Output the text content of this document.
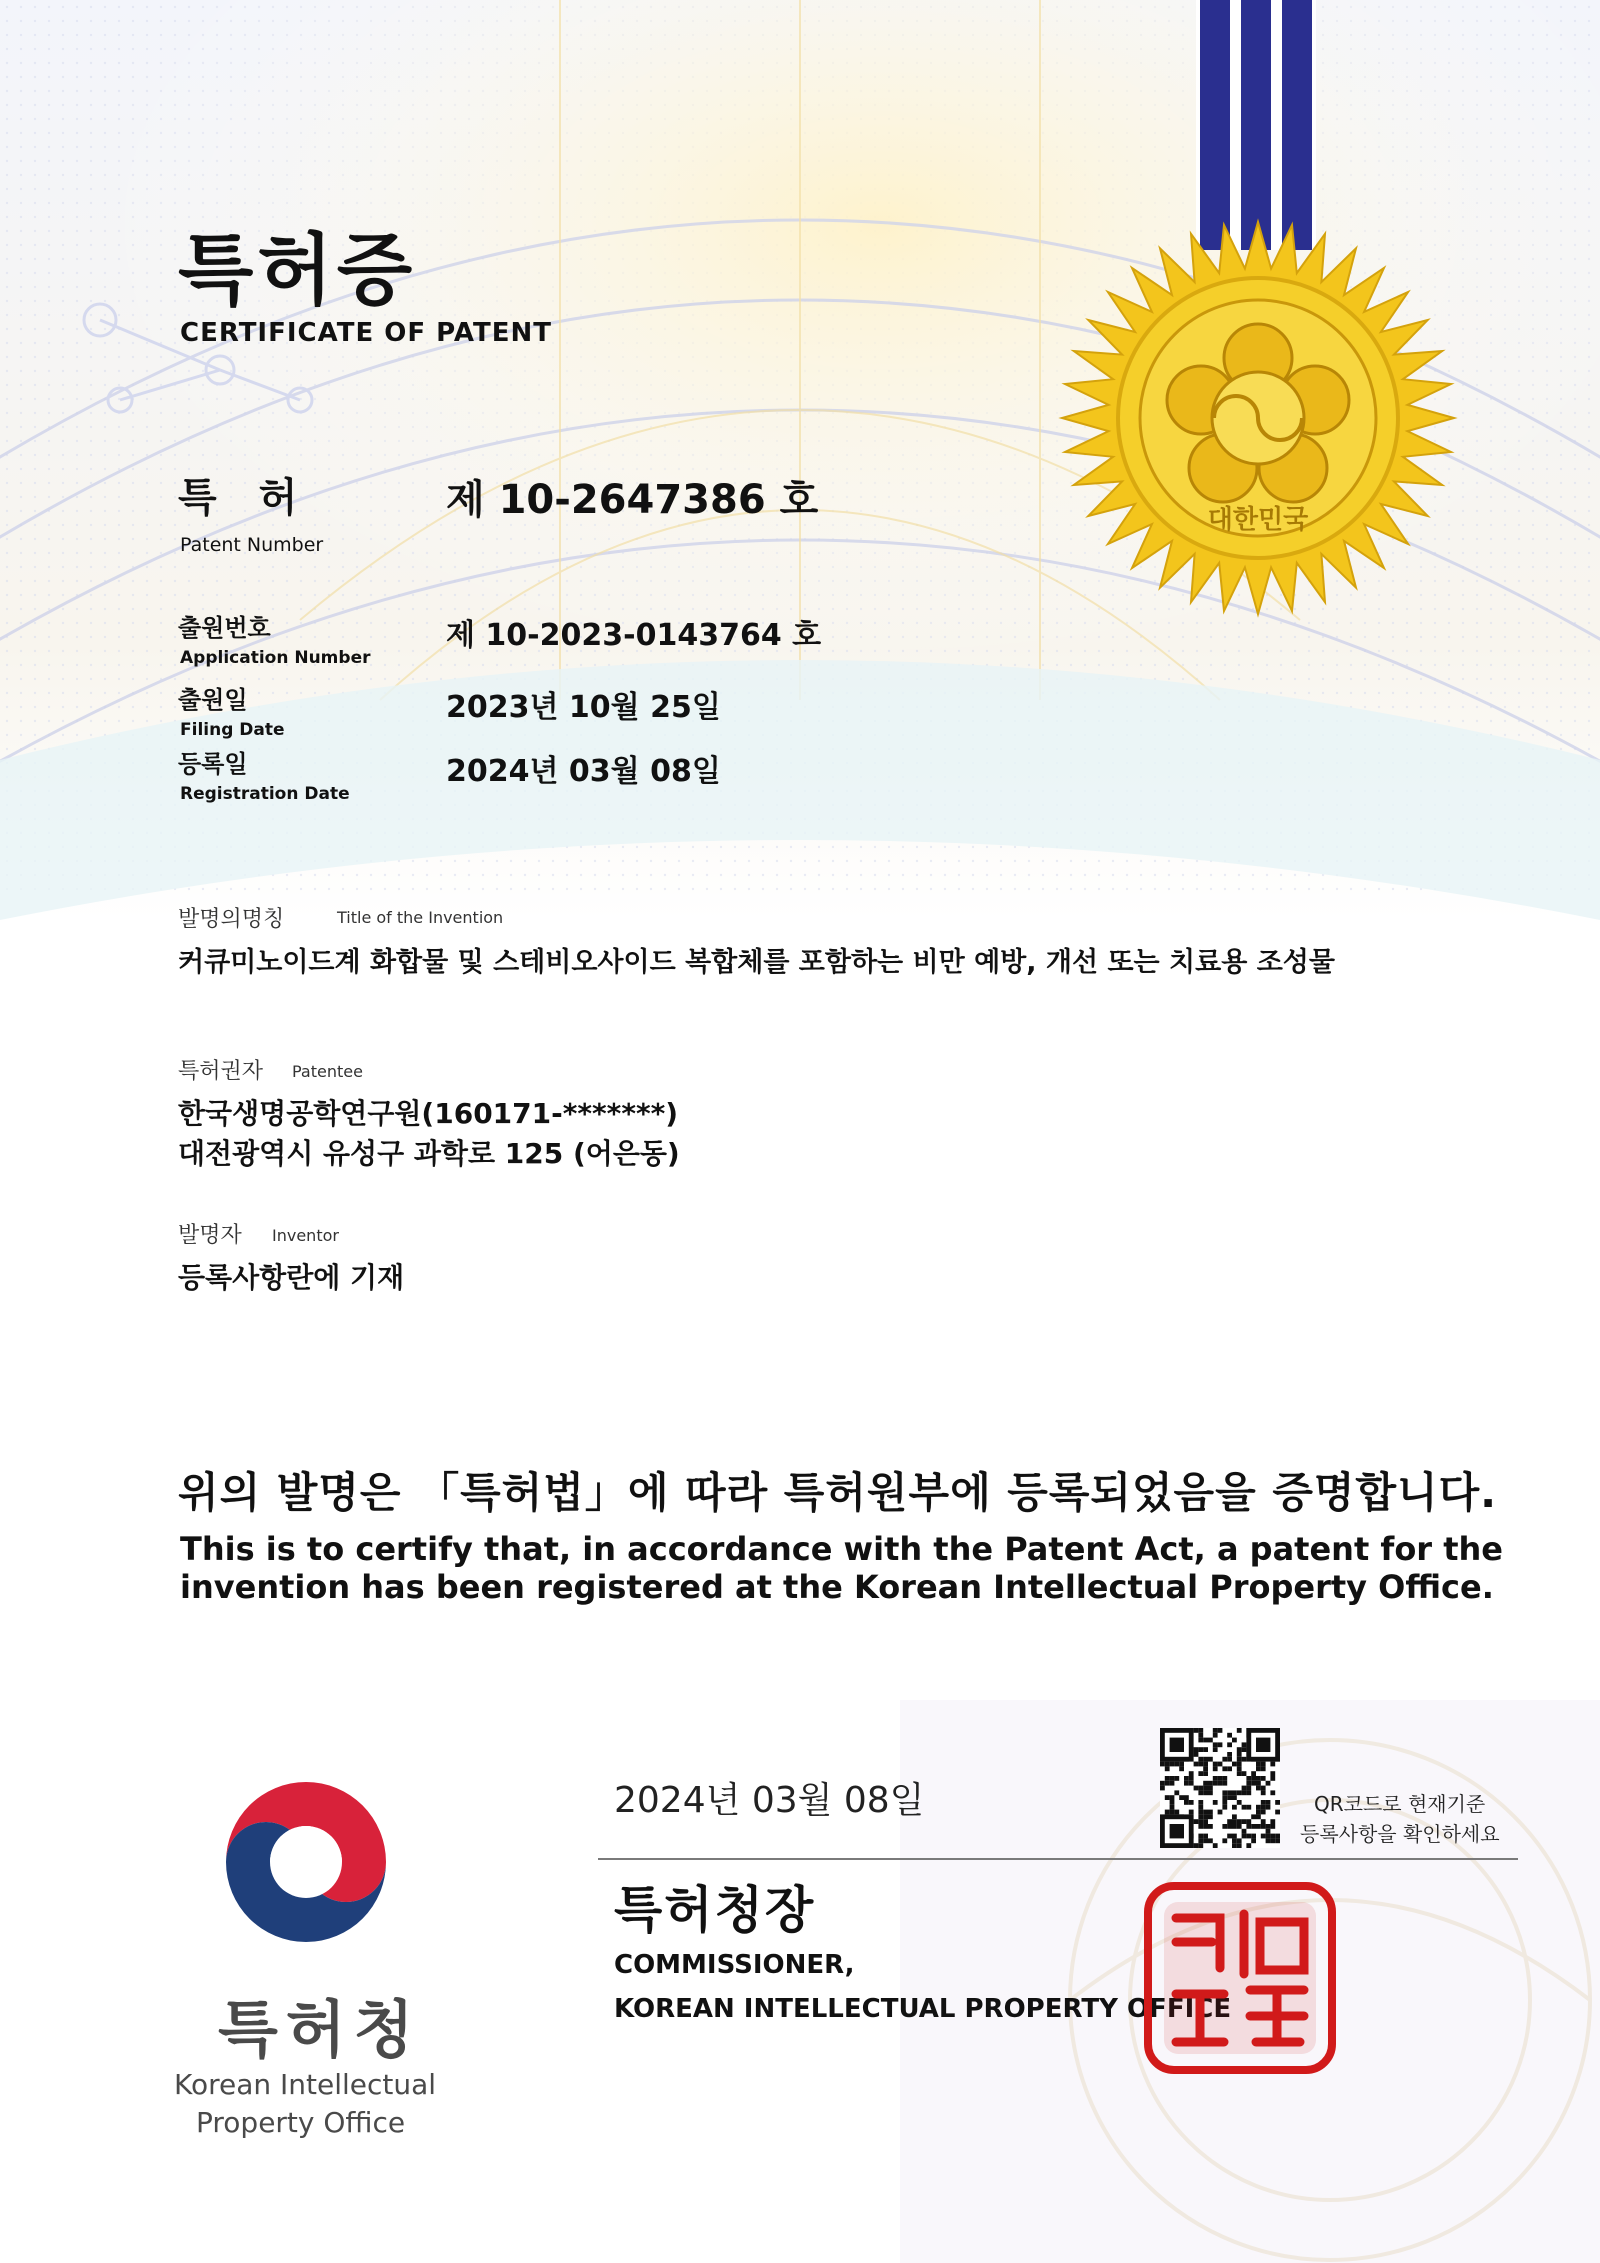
대한민국
특허증
CERTIFICATE OF PATENT
특 허
Patent Number
제 10-2647386 호
출원번호
Application Number
제 10-2023-0143764 호
출원일
Filing Date
2023년 10월 25일
등록일
Registration Date
2024년 03월 08일
발명의명칭	Title of the Invention
커큐미노이드계 화합물 및 스테비오사이드 복합체를 포함하는 비만 예방, 개선 또는 치료용 조성물
특허권자 Patentee
한국생명공학연구원(160171-*******)
대전광역시 유성구 과학로 125 (어은동)
발명자 Inventor
등록사항란에 기재
위의 발명은 「특허법」에 따라 특허원부에 등록되었음을 증명합니다.
This is to certify that, in accordance with the Patent Act, a patent for the invention has been registered at the Korean Intellectual Property Office.
QR코드로 현재기준
등록사항을 확인하세요
2024년 03월 08일
특허청장
COMMISSIONER,
KOREAN INTELLECTUAL PROPERTY OFFICE
특허청
Korean Intellectual
Property Office
